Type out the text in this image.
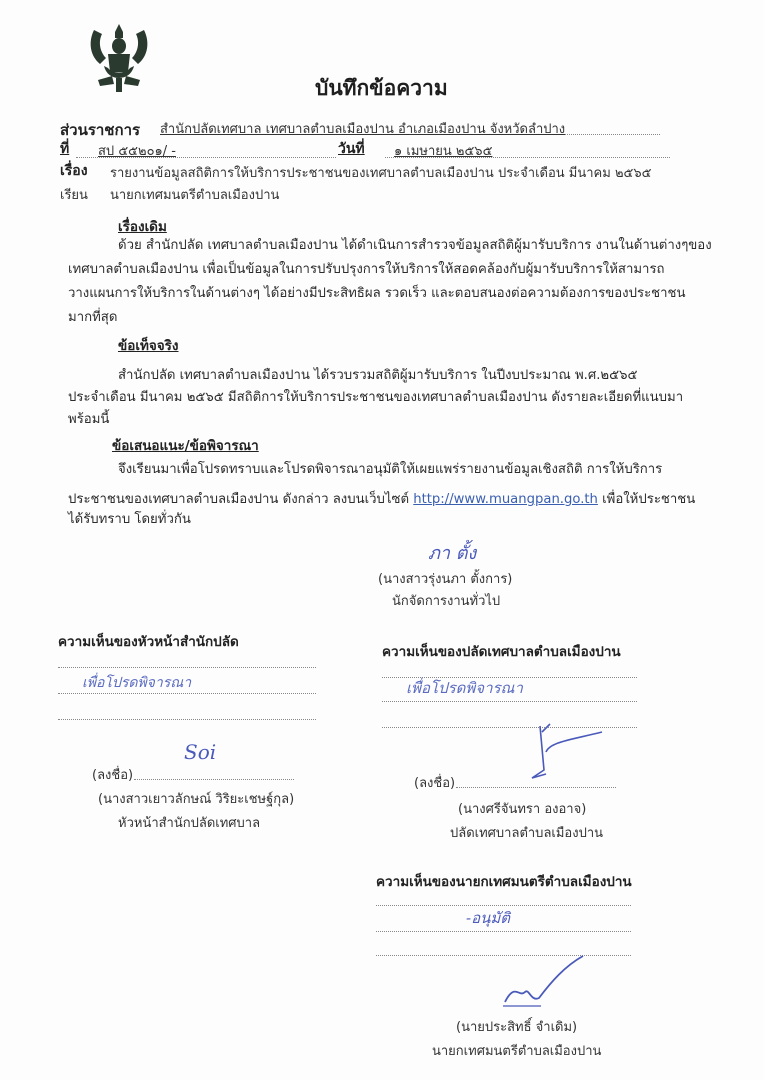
บันทึกข้อความ
ส่วนราชการ สำนักปลัดเทศบาล เทศบาลตำบลเมืองปาน อำเภอเมืองปาน จังหวัดลำปาง
ที่ สป ๕๕๒๐๑/ -	วันที่ ๑ เมษายน ๒๕๖๕
เรื่อง รายงานข้อมูลสถิติการให้บริการประชาชนของเทศบาลตำบลเมืองปาน ประจำเดือน มีนาคม ๒๕๖๕
เรียน นายกเทศมนตรีตำบลเมืองปาน
เรื่องเดิม
ด้วย สำนักปลัด เทศบาลตำบลเมืองปาน ได้ดำเนินการสำรวจข้อมูลสถิติผู้มารับบริการ งานในด้านต่างๆของ
เทศบาลตำบลเมืองปาน เพื่อเป็นข้อมูลในการปรับปรุงการให้บริการให้สอดคล้องกับผู้มารับบริการให้สามารถ
วางแผนการให้บริการในด้านต่างๆ ได้อย่างมีประสิทธิผล รวดเร็ว และตอบสนองต่อความต้องการของประชาชน
มากที่สุด
ข้อเท็จจริง
สำนักปลัด เทศบาลตำบลเมืองปาน ได้รวบรวมสถิติผู้มารับบริการ ในปีงบประมาณ พ.ศ.๒๕๖๕
ประจำเดือน มีนาคม ๒๕๖๕ มีสถิติการให้บริการประชาชนของเทศบาลตำบลเมืองปาน ดังรายละเอียดที่แนบมา
พร้อมนี้
ข้อเสนอแนะ/ข้อพิจารณา
จึงเรียนมาเพื่อโปรดทราบและโปรดพิจารณาอนุมัติให้เผยแพร่รายงานข้อมูลเชิงสถิติ การให้บริการ
ประชาชนของเทศบาลตำบลเมืองปาน ดังกล่าว ลงบนเว็บไซต์ http://www.muangpan.go.th เพื่อให้ประชาชน
ได้รับทราบ โดยทั่วกัน
ภา ตั้ง
(นางสาวรุ่งนภา ตั้งการ)
นักจัดการงานทั่วไป
ความเห็นของหัวหน้าสำนักปลัด
เพื่อโปรดพิจารณา
Soi
(ลงชื่อ)
(นางสาวเยาวลักษณ์ วิริยะเชษฐ์กุล)
หัวหน้าสำนักปลัดเทศบาล
ความเห็นของปลัดเทศบาลตำบลเมืองปาน
เพื่อโปรดพิจารณา
(ลงชื่อ)
(นางศรีจันทรา องอาจ)
ปลัดเทศบาลตำบลเมืองปาน
ความเห็นของนายกเทศมนตรีตำบลเมืองปาน
-อนุมัติ
(นายประสิทธิ์ จำเดิม)
นายกเทศมนตรีตำบลเมืองปาน
